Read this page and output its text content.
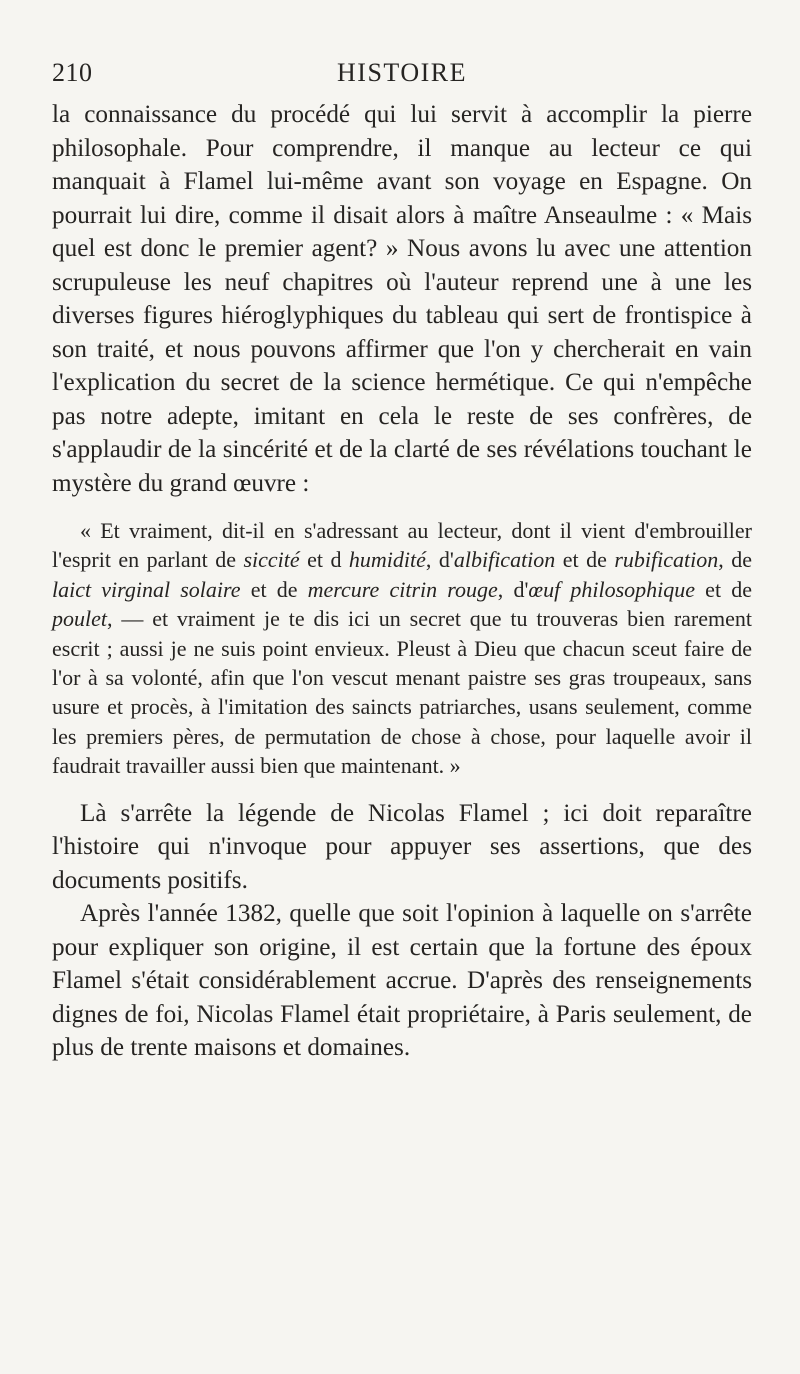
210	HISTOIRE

la connaissance du procédé qui lui servit à accomplir la pierre philosophale. Pour comprendre, il manque au lecteur ce qui manquait à Flamel lui-même avant son voyage en Espagne. On pourrait lui dire, comme il disait alors à maître Anseaulme : « Mais quel est donc le premier agent? » Nous avons lu avec une attention scrupuleuse les neuf chapitres où l'auteur reprend une à une les diverses figures hiéroglyphiques du tableau qui sert de frontispice à son traité, et nous pouvons affirmer que l'on y chercherait en vain l'explication du secret de la science hermétique. Ce qui n'empêche pas notre adepte, imitant en cela le reste de ses confrères, de s'applaudir de la sincérité et de la clarté de ses révélations touchant le mystère du grand œuvre :

« Et vraiment, dit-il en s'adressant au lecteur, dont il vient d'embrouiller l'esprit en parlant de siccité et d humidité, d'albification et de rubification, de laict virginal solaire et de mercure citrin rouge, d'œuf philosophique et de poulet, — et vraiment je te dis ici un secret que tu trouveras bien rarement escrit ; aussi je ne suis point envieux. Pleust à Dieu que chacun sceut faire de l'or à sa volonté, afin que l'on vescut menant paistre ses gras troupeaux, sans usure et procès, à l'imitation des saincts patriarches, usans seulement, comme les premiers pères, de permutation de chose à chose, pour laquelle avoir il faudrait travailler aussi bien que maintenant. »

Là s'arrête la légende de Nicolas Flamel ; ici doit reparaître l'histoire qui n'invoque pour appuyer ses assertions, que des documents positifs.

Après l'année 1382, quelle que soit l'opinion à laquelle on s'arrête pour expliquer son origine, il est certain que la fortune des époux Flamel s'était considérablement accrue. D'après des renseignements dignes de foi, Nicolas Flamel était propriétaire, à Paris seulement, de plus de trente maisons et domaines.
